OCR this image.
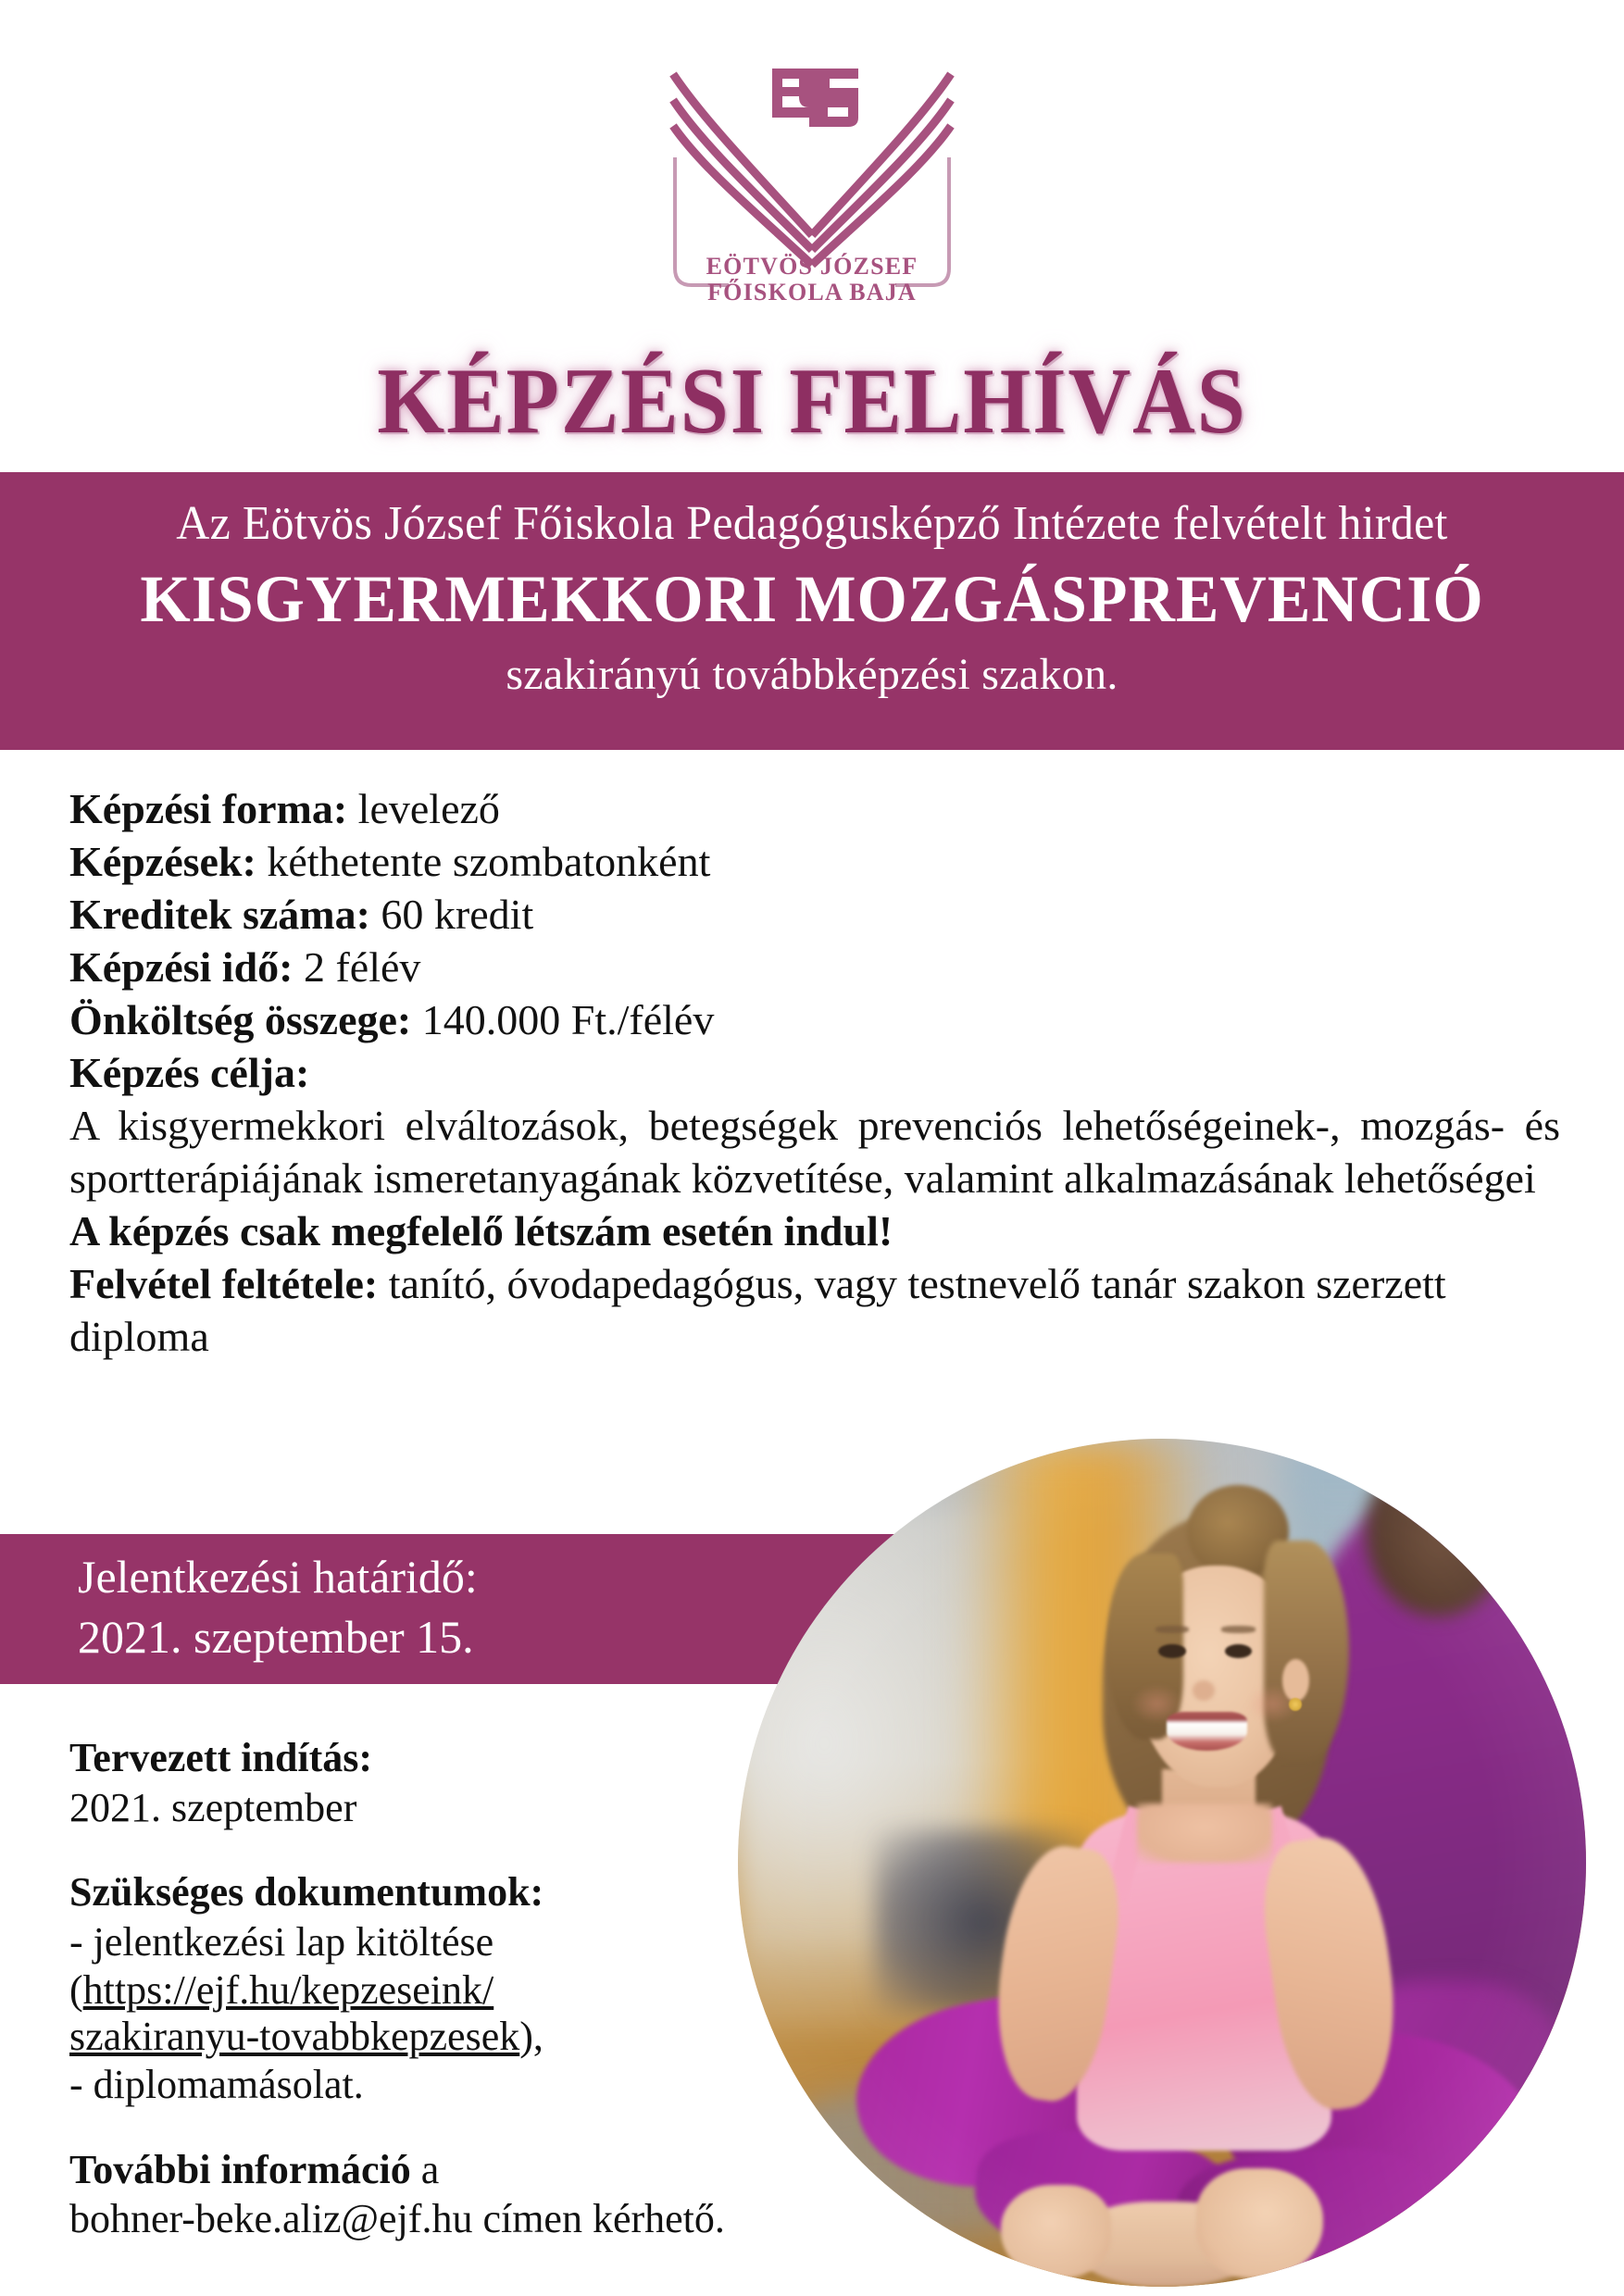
EÖTVÖS JÓZSEF
FŐISKOLA BAJA
KÉPZÉSI FELHÍVÁS
Az Eötvös József Főiskola Pedagógusképző Intézete felvételt hirdet
KISGYERMEKKORI MOZGÁSPREVENCIÓ
szakirányú továbbképzési szakon.
Képzési forma: levelező
Képzések: kéthetente szombatonként
Kreditek száma: 60 kredit
Képzési idő: 2 félév
Önköltség összege: 140.000 Ft./félév
Képzés célja:
A kisgyermekkori elváltozások, betegségek prevenciós lehetőségeinek-, mozgás- és sportterápiájának ismeretanyagának közvetítése, valamint alkalmazásának lehetőségei
A képzés csak megfelelő létszám esetén indul!
Felvétel feltétele: tanító, óvodapedagógus, vagy testnevelő tanár szakon szerzett diploma
Jelentkezési határidő:
2021. szeptember 15.
Tervezett indítás:
2021. szeptember
Szükséges dokumentumok:
- jelentkezési lap kitöltése
(https://ejf.hu/kepzeseink/
szakiranyu-tovabbkepzesek),
- diplomamásolat.
További információ a
bohner-beke.aliz@ejf.hu címen kérhető.
